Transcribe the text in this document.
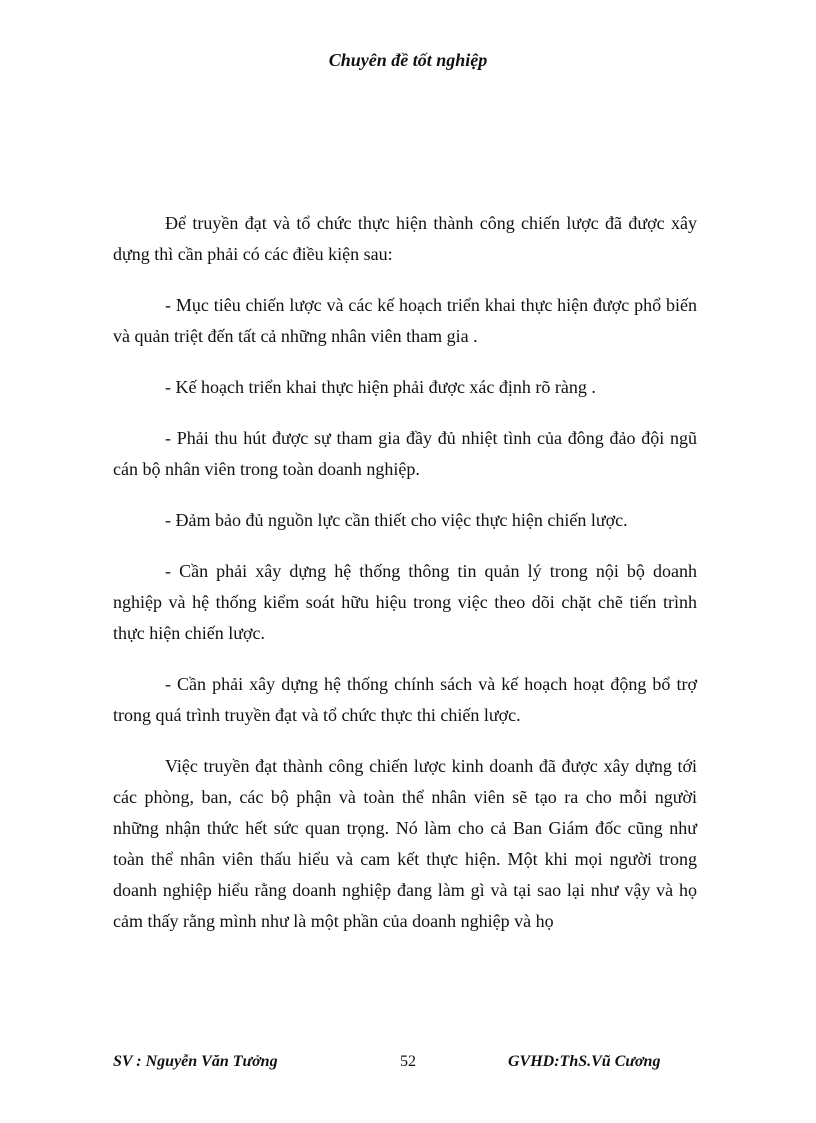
Chuyên đề tốt nghiệp

Để truyền đạt và tổ chức thực hiện thành công chiến lược đã được xây dựng thì cần phải có các điều kiện sau:

- Mục tiêu chiến lược và các kế hoạch triển khai thực hiện được phổ biến và quản triệt đến tất cả những nhân viên tham gia .

- Kế hoạch triển khai thực hiện phải được xác định rõ ràng .

- Phải thu hút được sự tham gia đầy đủ nhiệt tình của đông đảo đội ngũ cán bộ nhân viên trong toàn doanh nghiệp.

- Đảm bảo đủ nguồn lực cần thiết cho việc thực hiện chiến lược.

- Cần phải xây dựng hệ thống thông tin quản lý trong nội bộ doanh nghiệp và hệ thống kiểm soát hữu hiệu trong việc theo dõi chặt chẽ tiến trình thực hiện chiến lược.

- Cần phải xây dựng hệ thống chính sách và kế hoạch hoạt động bổ trợ trong quá trình truyền đạt và tổ chức thực thi chiến lược.

Việc truyền đạt thành công chiến lược kinh doanh đã được xây dựng tới các phòng, ban, các bộ phận và toàn thể nhân viên sẽ tạo ra cho mỗi người những nhận thức hết sức quan trọng. Nó làm cho cả Ban Giám đốc cũng như toàn thể nhân viên thấu hiểu và cam kết thực hiện. Một khi mọi người trong doanh nghiệp hiểu rằng doanh nghiệp đang làm gì và tại sao lại như vậy và họ cảm thấy rằng mình như là một phần của doanh nghiệp và họ

SV : Nguyễn Văn Tưởng	52	GVHD:ThS.Vũ Cương
